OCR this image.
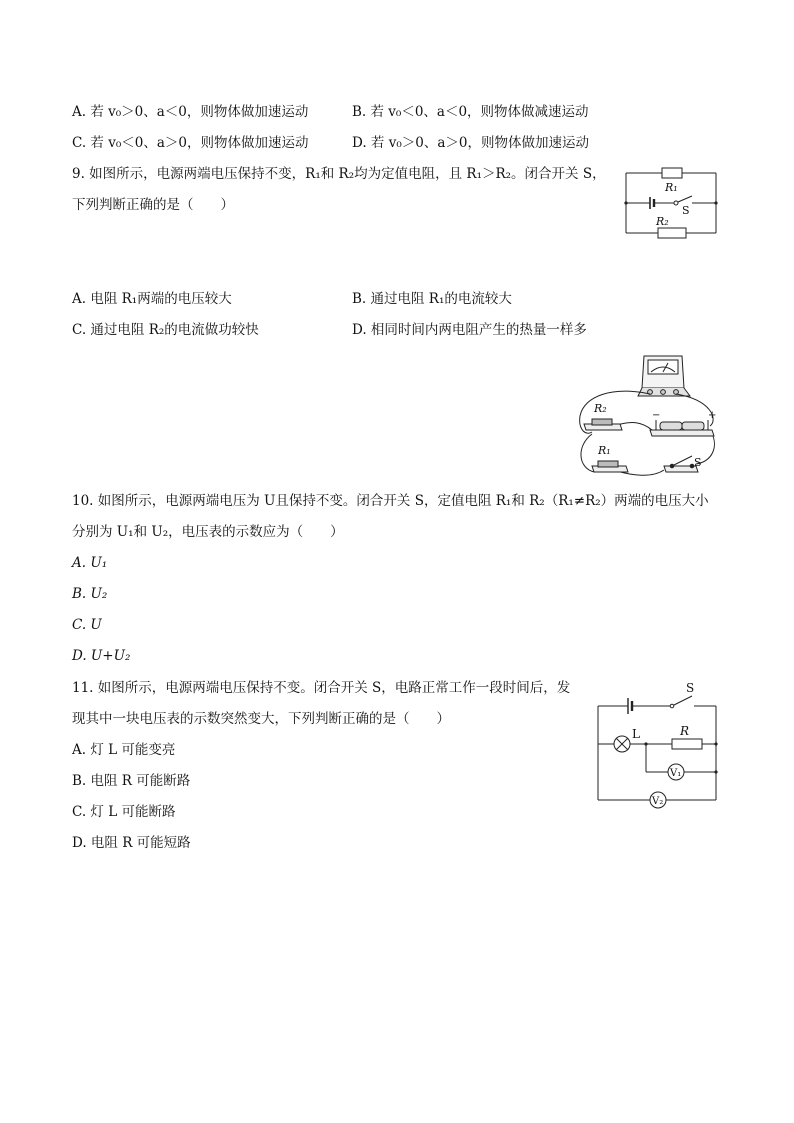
A. 若 v₀＞0、a＜0，则物体做加速运动	B. 若 v₀＜0、a＜0，则物体做减速运动
C. 若 v₀＜0、a＞0，则物体做加速运动	D. 若 v₀＞0、a＞0，则物体做加速运动
9. 如图所示，电源两端电压保持不变，R₁和 R₂均为定值电阻，且 R₁＞R₂。闭合开关 S，
下列判断正确的是（　　）
R₁
S
R₂
A. 电阻 R₁两端的电压较大	B. 通过电阻 R₁的电流较大
C. 通过电阻 R₂的电流做功较快	D. 相同时间内两电阻产生的热量一样多
R₂
R₁
S
−	+
10. 如图所示，电源两端电压为 U且保持不变。闭合开关 S，定值电阻 R₁和 R₂（R₁≠R₂）两端的电压大小
分别为 U₁和 U₂，电压表的示数应为（　　）
A. U₁
B. U₂
C. U
D. U+U₂
11. 如图所示，电源两端电压保持不变。闭合开关 S，电路正常工作一段时间后，发
现其中一块电压表的示数突然变大，下列判断正确的是（　　）
A. 灯 L 可能变亮
B. 电阻 R 可能断路
C. 灯 L 可能断路
D. 电阻 R 可能短路
S
L	R
V₁
V₂
